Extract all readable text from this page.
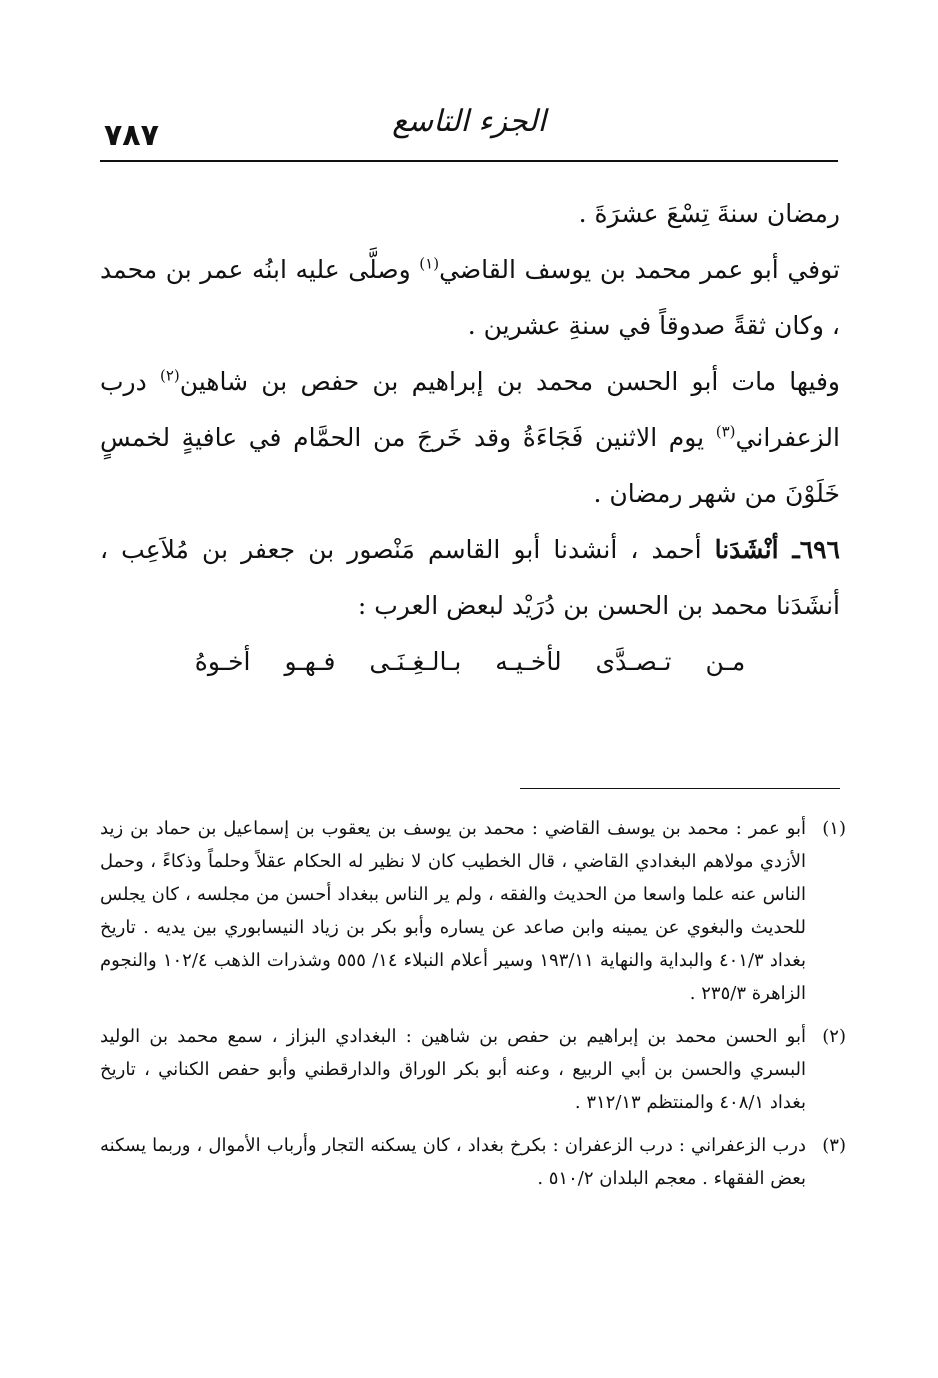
٧٨٧	الجزء التاسع

رمضان سنةَ تِسْعَ عشرَةَ .

توفي أبو عمر محمد بن يوسف القاضي$^{(١)}$ وصلَّى عليه ابنُه عمر بن محمد ، وكان ثقةً صدوقاً في سنةِ عشرين .

وفيها مات أبو الحسن محمد بن إبراهيم بن حفص بن شاهين$^{(٢)}$ درب الزعفراني$^{(٣)}$ يوم الاثنين فَجَاءَةُ وقد خَرجَ من الحمَّام في عافيةٍ لخمسٍ خَلَوْنَ من شهر رمضان .

٦٩٦ـ أنْشَدَنا أحمد ، أنشدنا أبو القاسم مَنْصور بن جعفر بن مُلاَعِب ، أنشَدَنا محمد بن الحسن بن دُرَيْد لبعض العرب :

مـن تـصـدَّى لأخـيـه بـالـغِـنَـى فـهـو أخـوهُ

(١)
أبو عمر : محمد بن يوسف القاضي : محمد بن يوسف بن يعقوب بن إسماعيل بن حماد بن زيد الأزدي مولاهم البغدادي القاضي ، قال الخطيب كان لا نظير له الحكام عقلاً وحلماً وذكاءً ، وحمل الناس عنه علما واسعا من الحديث والفقه ، ولم ير الناس ببغداد أحسن من مجلسه ، كان يجلس للحديث والبغوي عن يمينه وابن صاعد عن يساره وأبو بكر بن زياد النيسابوري بين يديه . تاريخ بغداد ٤٠١/٣ والبداية والنهاية ١٩٣/١١ وسير أعلام النبلاء ١٤/ ٥٥٥ وشذرات الذهب ١٠٢/٤ والنجوم الزاهرة ٢٣٥/٣ .
(٢)
أبو الحسن محمد بن إبراهيم بن حفص بن شاهين : البغدادي البزاز ، سمع محمد بن الوليد البسري والحسن بن أبي الربيع ، وعنه أبو بكر الوراق والدارقطني وأبو حفص الكناني ، تاريخ بغداد ٤٠٨/١ والمنتظم ٣١٢/١٣ .
(٣)
درب الزعفراني : درب الزعفران : بكرخ بغداد ، كان يسكنه التجار وأرباب الأموال ، وربما يسكنه بعض الفقهاء . معجم البلدان ٥١٠/٢ .
